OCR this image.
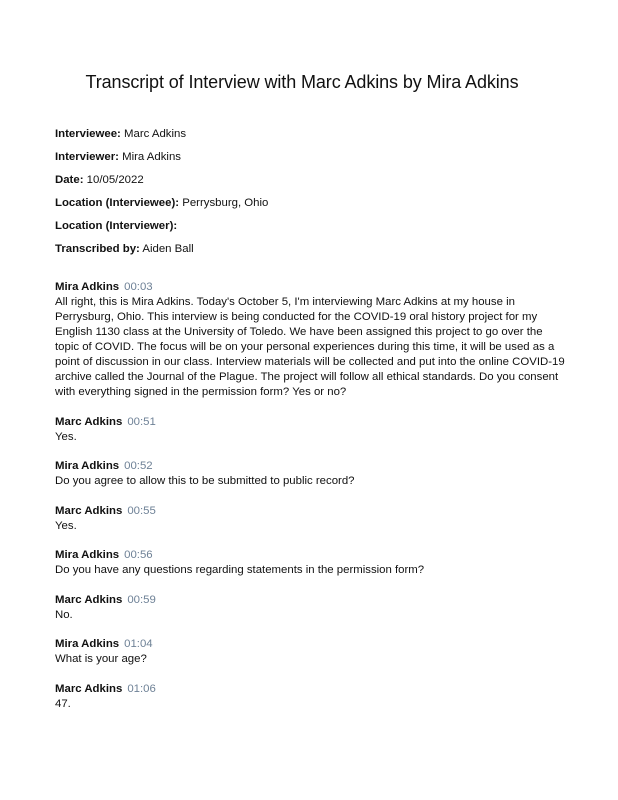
Transcript of Interview with Marc Adkins by Mira Adkins
Interviewee: Marc Adkins
Interviewer: Mira Adkins
Date: 10/05/2022
Location (Interviewee): Perrysburg, Ohio
Location (Interviewer):
Transcribed by: Aiden Ball
Mira Adkins 00:03
All right, this is Mira Adkins. Today's October 5, I'm interviewing Marc Adkins at my house in Perrysburg, Ohio. This interview is being conducted for the COVID-19 oral history project for my English 1130 class at the University of Toledo. We have been assigned this project to go over the topic of COVID. The focus will be on your personal experiences during this time, it will be used as a point of discussion in our class. Interview materials will be collected and put into the online COVID-19 archive called the Journal of the Plague. The project will follow all ethical standards. Do you consent with everything signed in the permission form? Yes or no?
Marc Adkins 00:51
Yes.
Mira Adkins 00:52
Do you agree to allow this to be submitted to public record?
Marc Adkins 00:55
Yes.
Mira Adkins 00:56
Do you have any questions regarding statements in the permission form?
Marc Adkins 00:59
No.
Mira Adkins 01:04
What is your age?
Marc Adkins 01:06
47.
